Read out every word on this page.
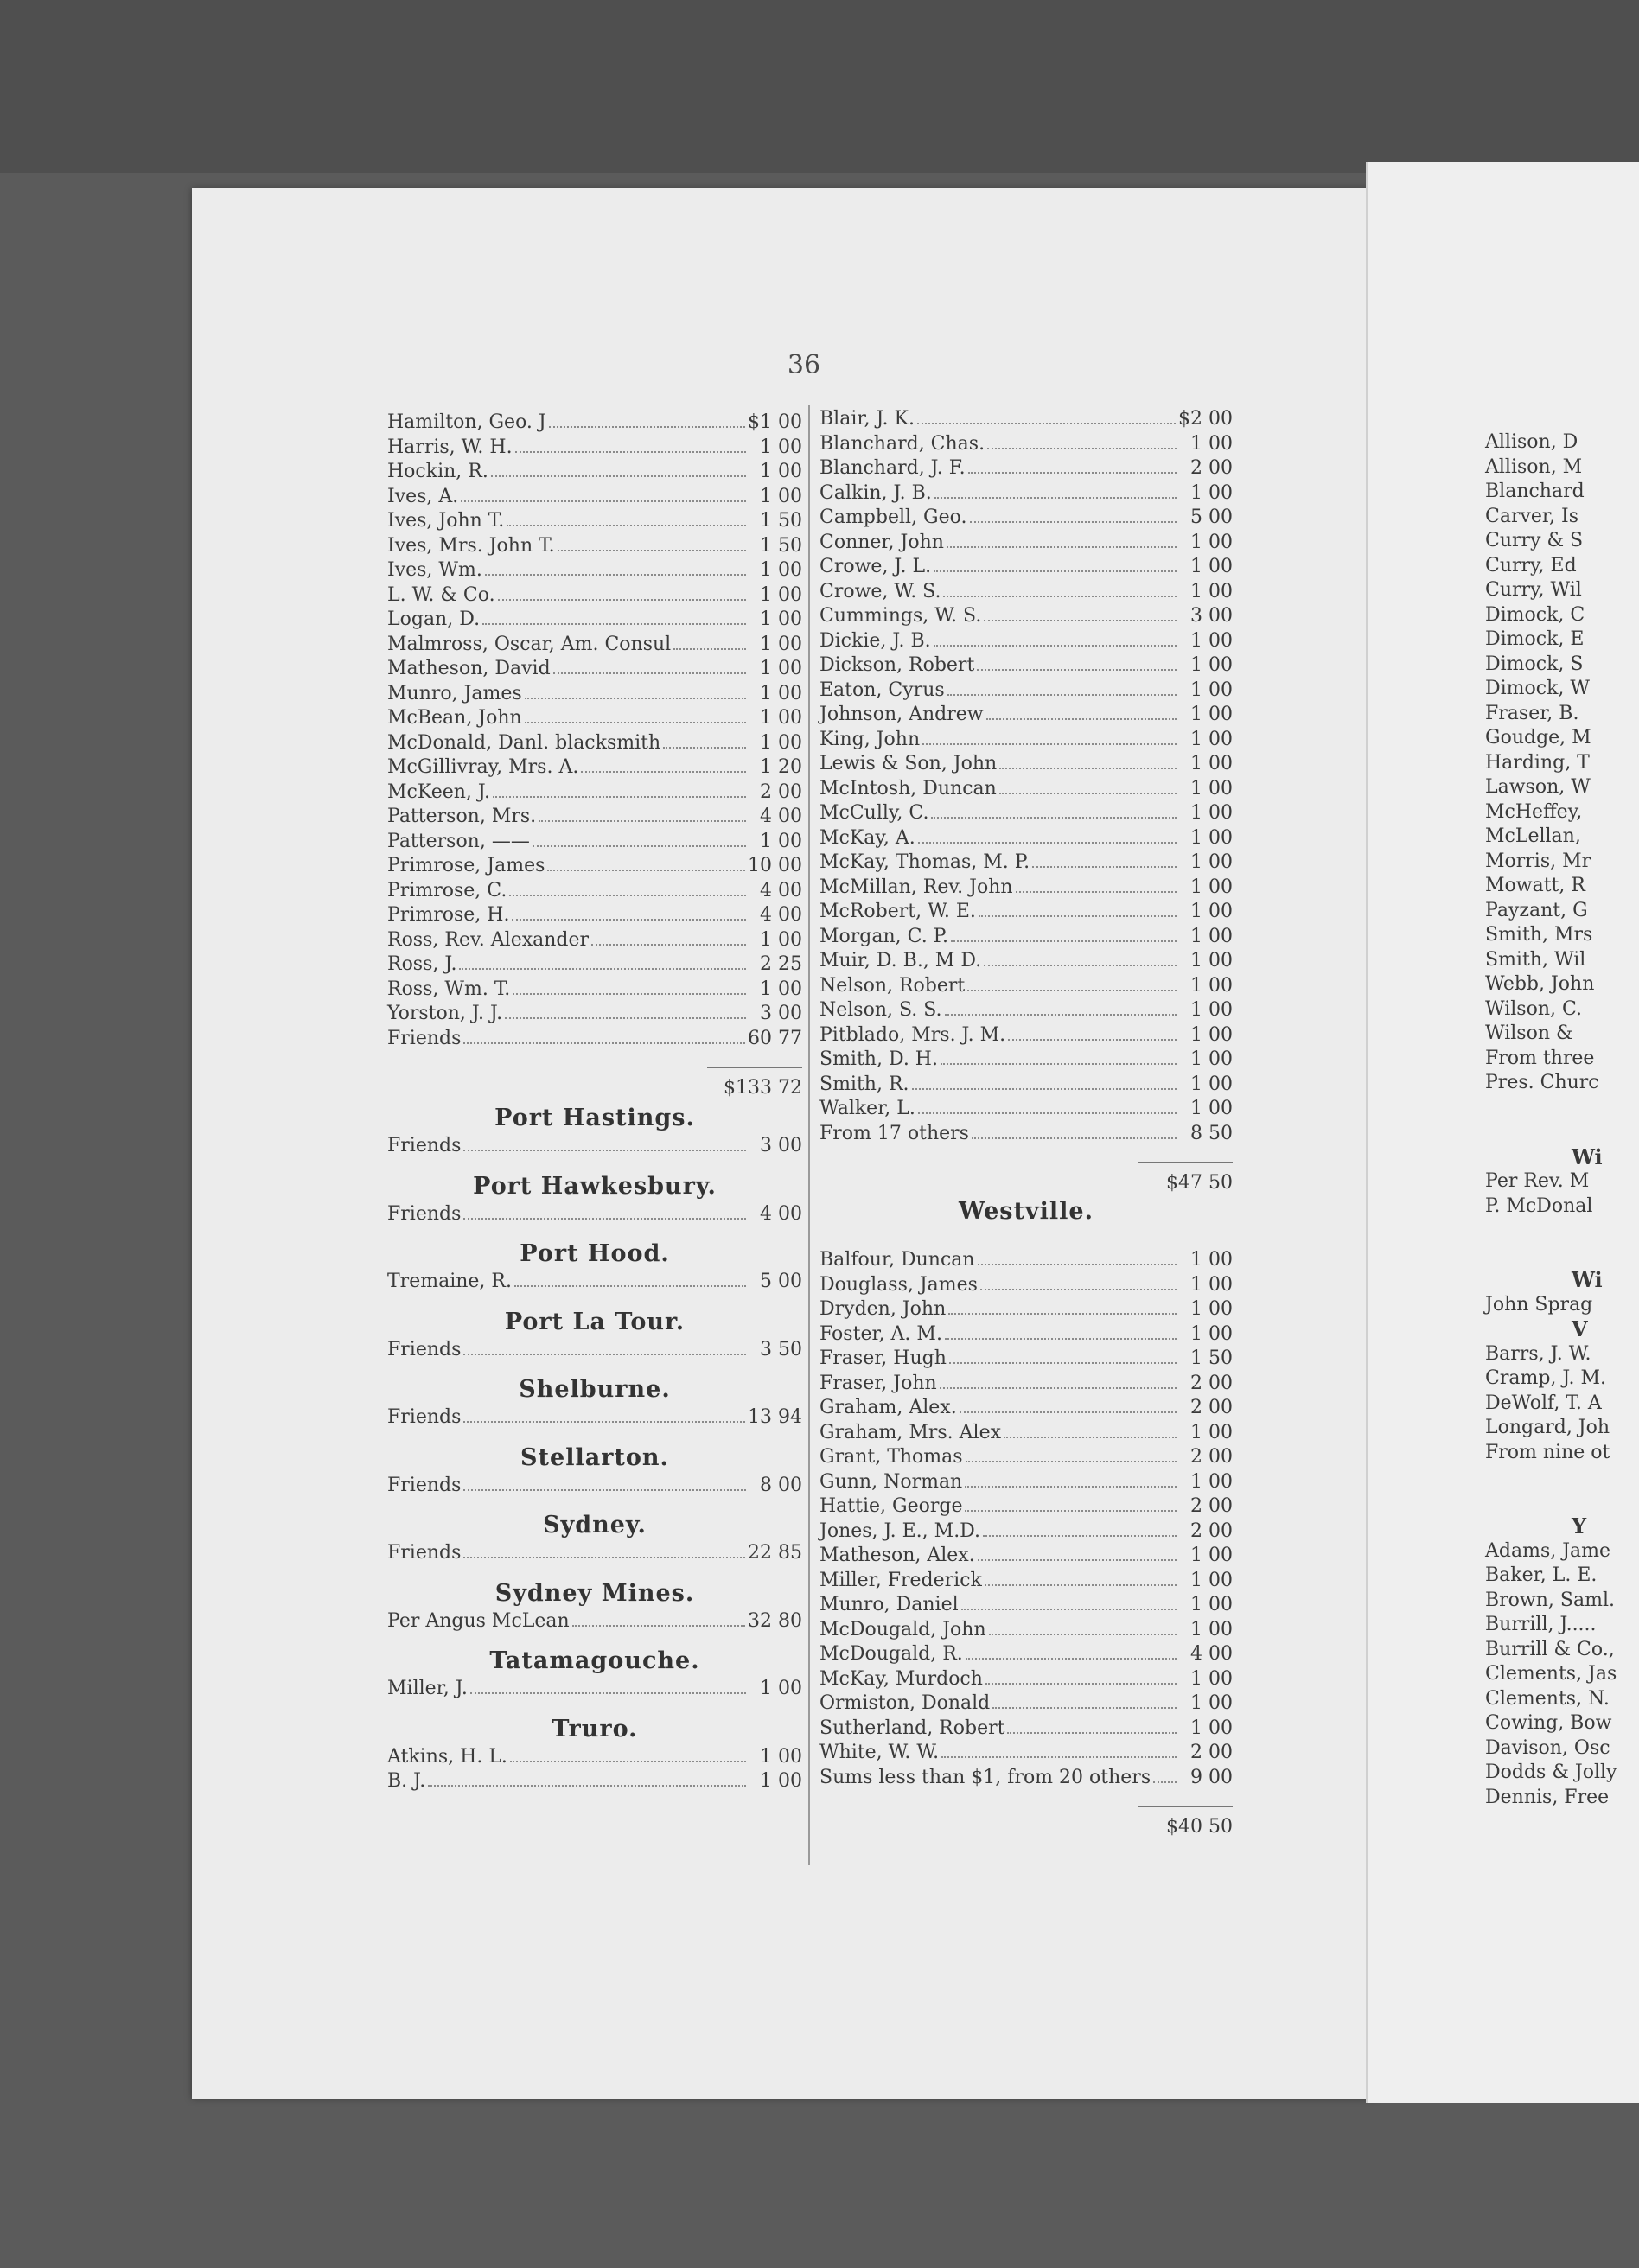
36
Hamilton, Geo. J	$1 00
Harris, W. H.	1 00
Hockin, R.	1 00
Ives, A.	1 00
Ives, John T.	1 50
Ives, Mrs. John T.	1 50
Ives, Wm.	1 00
L. W. & Co.	1 00
Logan, D.	1 00
Malmross, Oscar, Am. Consul	1 00
Matheson, David	1 00
Munro, James	1 00
McBean, John	1 00
McDonald, Danl. blacksmith	1 00
McGillivray, Mrs. A.	1 20
McKeen, J.	2 00
Patterson, Mrs.	4 00
Patterson, ——	1 00
Primrose, James	10 00
Primrose, C.	4 00
Primrose, H.	4 00
Ross, Rev. Alexander	1 00
Ross, J.	2 25
Ross, Wm. T.	1 00
Yorston, J. J.	3 00
Friends	60 77
$133 72
Port Hastings.
Friends	3 00
Port Hawkesbury.
Friends	4 00
Port Hood.
Tremaine, R.	5 00
Port La Tour.
Friends	3 50
Shelburne.
Friends	13 94
Stellarton.
Friends	8 00
Sydney.
Friends	22 85
Sydney Mines.
Per Angus McLean	32 80
Tatamagouche.
Miller, J.	1 00
Truro.
Atkins, H. L.	1 00
B. J.	1 00
Blair, J. K.	$2 00
Blanchard, Chas.	1 00
Blanchard, J. F.	2 00
Calkin, J. B.	1 00
Campbell, Geo.	5 00
Conner, John	1 00
Crowe, J. L.	1 00
Crowe, W. S.	1 00
Cummings, W. S.	3 00
Dickie, J. B.	1 00
Dickson, Robert	1 00
Eaton, Cyrus	1 00
Johnson, Andrew	1 00
King, John	1 00
Lewis & Son, John	1 00
McIntosh, Duncan	1 00
McCully, C.	1 00
McKay, A.	1 00
McKay, Thomas, M. P.	1 00
McMillan, Rev. John	1 00
McRobert, W. E.	1 00
Morgan, C. P.	1 00
Muir, D. B., M D.	1 00
Nelson, Robert	1 00
Nelson, S. S.	1 00
Pitblado, Mrs. J. M.	1 00
Smith, D. H.	1 00
Smith, R.	1 00
Walker, L.	1 00
From 17 others	8 50
$47 50
Westville.
Balfour, Duncan	1 00
Douglass, James	1 00
Dryden, John	1 00
Foster, A. M.	1 00
Fraser, Hugh	1 50
Fraser, John	2 00
Graham, Alex.	2 00
Graham, Mrs. Alex	1 00
Grant, Thomas	2 00
Gunn, Norman	1 00
Hattie, George	2 00
Jones, J. E., M.D.	2 00
Matheson, Alex.	1 00
Miller, Frederick	1 00
Munro, Daniel	1 00
McDougald, John	1 00
McDougald, R.	4 00
McKay, Murdoch	1 00
Ormiston, Donald	1 00
Sutherland, Robert	1 00
White, W. W.	2 00
Sums less than $1, from 20 others	9 00
$40 50
Allison, D
Allison, M
Blanchard
Carver, Is
Curry & S
Curry, Ed
Curry, Wil
Dimock, C
Dimock, E
Dimock, S
Dimock, W
Fraser, B.
Goudge, M
Harding, T
Lawson, W
McHeffey,
McLellan,
Morris, Mr
Mowatt, R
Payzant, G
Smith, Mrs
Smith, Wil
Webb, John
Wilson, C.
Wilson &
From three
Pres. Churc
Wi
Per Rev. M
P. McDonal
Wi
John Sprag
V
Barrs, J. W.
Cramp, J. M.
DeWolf, T. A
Longard, Joh
From nine ot
Y
Adams, Jame
Baker, L. E.
Brown, Saml.
Burrill, J.....
Burrill & Co.,
Clements, Jas
Clements, N.
Cowing, Bow
Davison, Osc
Dodds & Jolly
Dennis, Free
